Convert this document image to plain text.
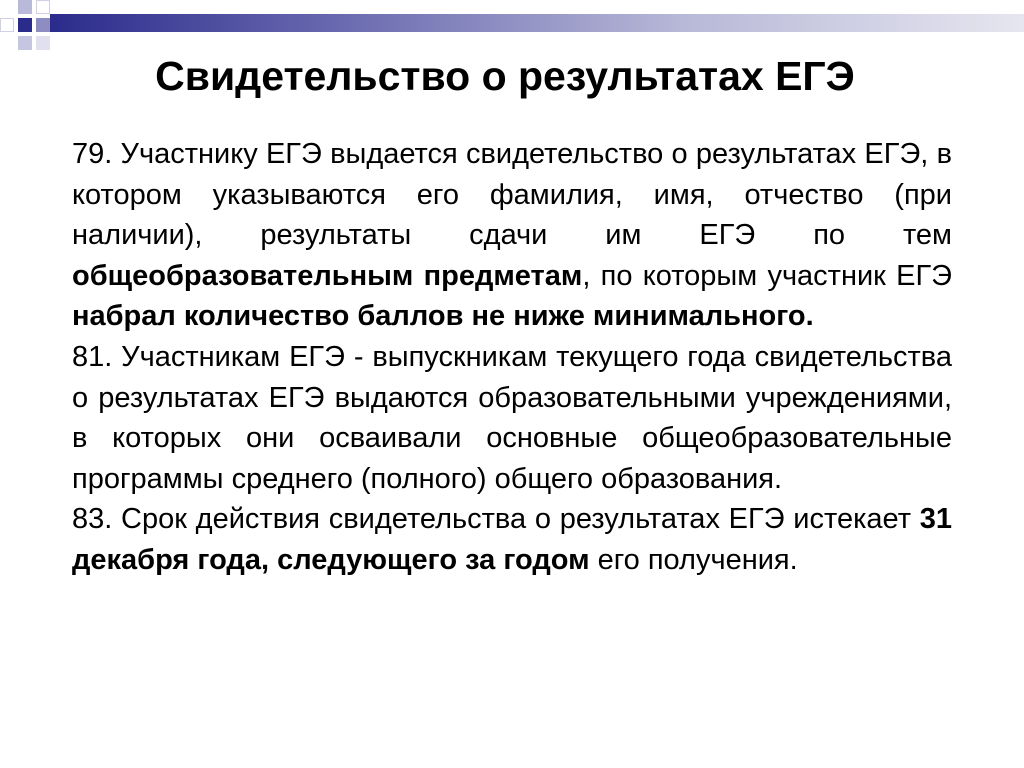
Свидетельство о результатах ЕГЭ

79. Участнику ЕГЭ выдается свидетельство о результатах ЕГЭ, в котором указываются его фамилия, имя, отчество (при наличии), результаты сдачи им ЕГЭ по тем общеобразовательным предметам, по которым участник ЕГЭ набрал количество баллов не ниже минимального.

81. Участникам ЕГЭ - выпускникам текущего года свидетельства о результатах ЕГЭ выдаются образовательными учреждениями, в которых они осваивали основные общеобразовательные программы среднего (полного) общего образования.

83. Срок действия свидетельства о результатах ЕГЭ истекает 31 декабря года, следующего за годом его получения.
